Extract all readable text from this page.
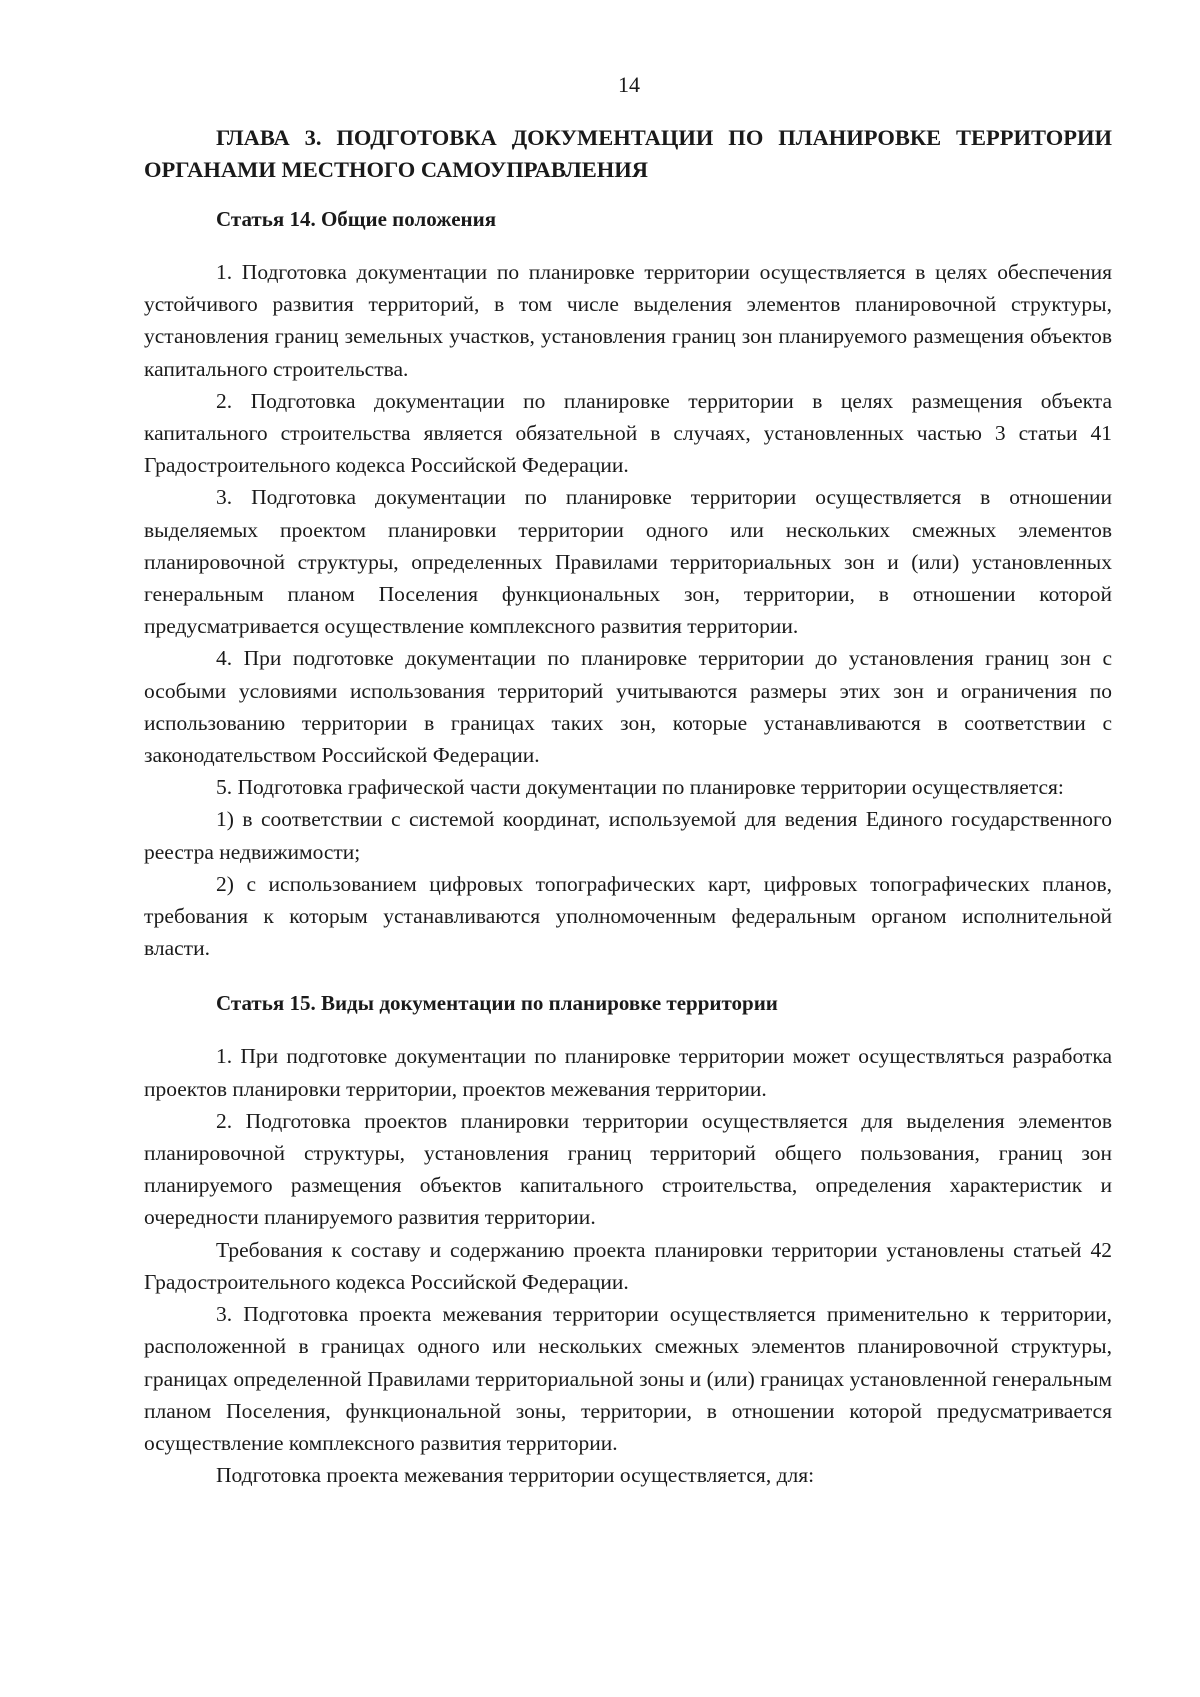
14
ГЛАВА 3. ПОДГОТОВКА ДОКУМЕНТАЦИИ ПО ПЛАНИРОВКЕ ТЕРРИТОРИИ ОРГАНАМИ МЕСТНОГО САМОУПРАВЛЕНИЯ
Статья 14. Общие положения

1. Подготовка документации по планировке территории осуществляется в целях обеспечения устойчивого развития территорий, в том числе выделения элементов планировочной структуры, установления границ земельных участков, установления границ зон планируемого размещения объектов капитального строительства.

2. Подготовка документации по планировке территории в целях размещения объекта капитального строительства является обязательной в случаях, установленных частью 3 статьи 41 Градостроительного кодекса Российской Федерации.

3. Подготовка документации по планировке территории осуществляется в отношении выделяемых проектом планировки территории одного или нескольких смежных элементов планировочной структуры, определенных Правилами территориальных зон и (или) установленных генеральным планом Поселения функциональных зон, территории, в отношении которой предусматривается осуществление комплексного развития территории.

4. При подготовке документации по планировке территории до установления границ зон с особыми условиями использования территорий учитываются размеры этих зон и ограничения по использованию территории в границах таких зон, которые устанавливаются в соответствии с законодательством Российской Федерации.

5. Подготовка графической части документации по планировке территории осуществляется:

1) в соответствии с системой координат, используемой для ведения Единого государственного реестра недвижимости;

2) с использованием цифровых топографических карт, цифровых топографических планов, требования к которым устанавливаются уполномоченным федеральным органом исполнительной власти.

Статья 15. Виды документации по планировке территории

1. При подготовке документации по планировке территории может осуществляться разработка проектов планировки территории, проектов межевания территории.

2. Подготовка проектов планировки территории осуществляется для выделения элементов планировочной структуры, установления границ территорий общего пользования, границ зон планируемого размещения объектов капитального строительства, определения характеристик и очередности планируемого развития территории.

Требования к составу и содержанию проекта планировки территории установлены статьей 42 Градостроительного кодекса Российской Федерации.

3. Подготовка проекта межевания территории осуществляется применительно к территории, расположенной в границах одного или нескольких смежных элементов планировочной структуры, границах определенной Правилами территориальной зоны и (или) границах установленной генеральным планом Поселения, функциональной зоны, территории, в отношении которой предусматривается осуществление комплексного развития территории.

Подготовка проекта межевания территории осуществляется, для:
